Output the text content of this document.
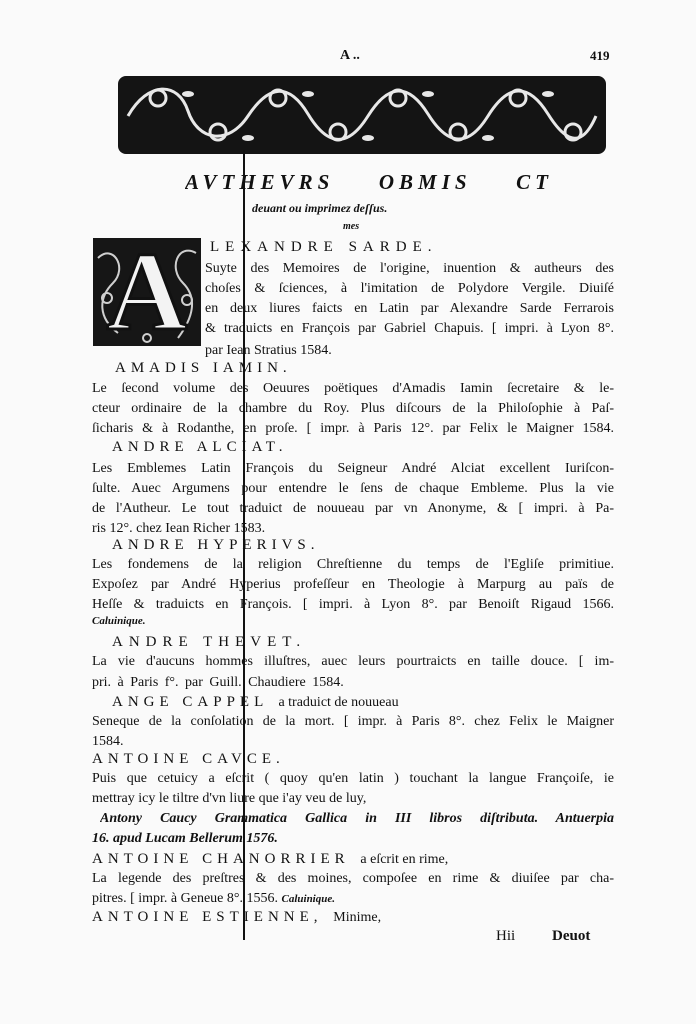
A ..	419
AVTHEVRS OBMIS CT
deuant ou imprimez deſſus.
mes
A	LEXANDRE SARDE.
Suyte des Memoires de l'origine, inuention & autheurs des
choſes & ſciences, à l'imitation de Polydore Vergile. Diuiſé
en deux liures faicts en Latin par Alexandre Sarde Ferrarois
& traduicts en François par Gabriel Chapuis. [ impri. à Lyon 8°.
par Iean Stratius 1584.
AMADIS IAMIN.
Le ſecond volume des Oeuures poëtiques d'Amadis Iamin ſecretaire & le-
cteur ordinaire de la chambre du Roy. Plus diſcours de la Philoſophie à Paſ-
ſicharis & à Rodanthe, en proſe. [ impr. à Paris 12°. par Felix le Maigner 1584.
ANDRE ALCIAT.
Les Emblemes Latin François du Seigneur André Alciat excellent Iuriſcon-
ſulte. Auec Argumens pour entendre le ſens de chaque Embleme. Plus la vie
de l'Autheur. Le tout traduict de nouueau par vn Anonyme, & [ impri. à Pa-
ris 12°. chez Iean Richer 1583.
ANDRE HYPERIVS.
Les fondemens de la religion Chreſtienne du temps de l'Egliſe primitiue.
Expoſez par André Hyperius profeſſeur en Theologie à Marpurg au païs de
Heſſe & traduicts en François. [ impri. à Lyon 8°. par Benoiſt Rigaud 1566.
Caluinique.
ANDRE THEVET.
La vie d'aucuns hommes illuſtres, auec leurs pourtraicts en taille douce. [ im-
pri. à Paris f°. par Guill. Chaudiere 1584.
ANGE CAPPEL a traduict de nouueau
Seneque de la conſolation de la mort. [ impr. à Paris 8°. chez Felix le Maigner
1584.
ANTOINE CAVCE.
Puis que cetuicy a eſcrit ( quoy qu'en latin ) touchant la langue Françoiſe, ie
mettray icy le tiltre d'vn liure que i'ay veu de luy,
Antony Caucy Grammatica Gallica in III libros diſtributa. Antuerpia
16. apud Lucam Bellerum 1576.
ANTOINE CHANORRIER a eſcrit en rime,
La legende des preſtres & des moines, compoſee en rime & diuiſee par cha-
pitres. [ impr. à Geneue 8°. 1556. Caluinique.
ANTOINE ESTIENNE, Minime,
Hii Deuot
